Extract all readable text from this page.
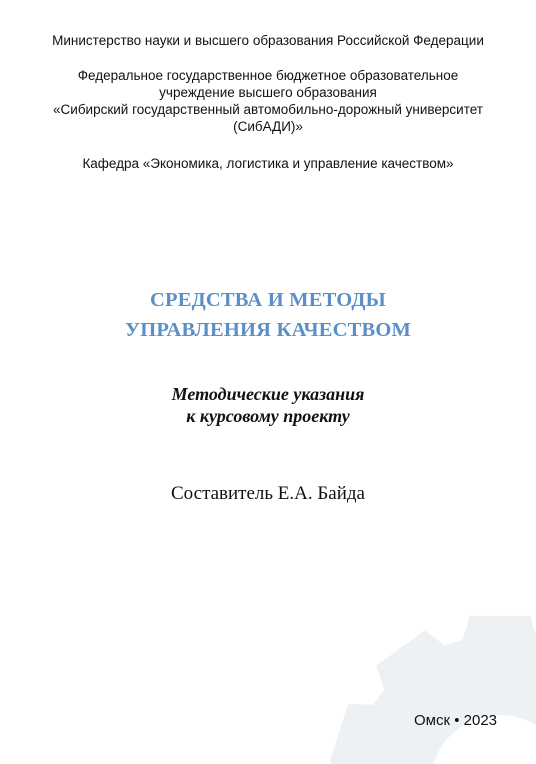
Министерство науки и высшего образования Российской Федерации
Федеральное государственное бюджетное образовательное
учреждение высшего образования
«Сибирский государственный автомобильно-дорожный университет
(СибАДИ)»
Кафедра «Экономика, логистика и управление качеством»
СРЕДСТВА И МЕТОДЫ
УПРАВЛЕНИЯ КАЧЕСТВОМ
Методические указания
к курсовому проекту
Составитель Е.А. Байда
Омск • 2023
